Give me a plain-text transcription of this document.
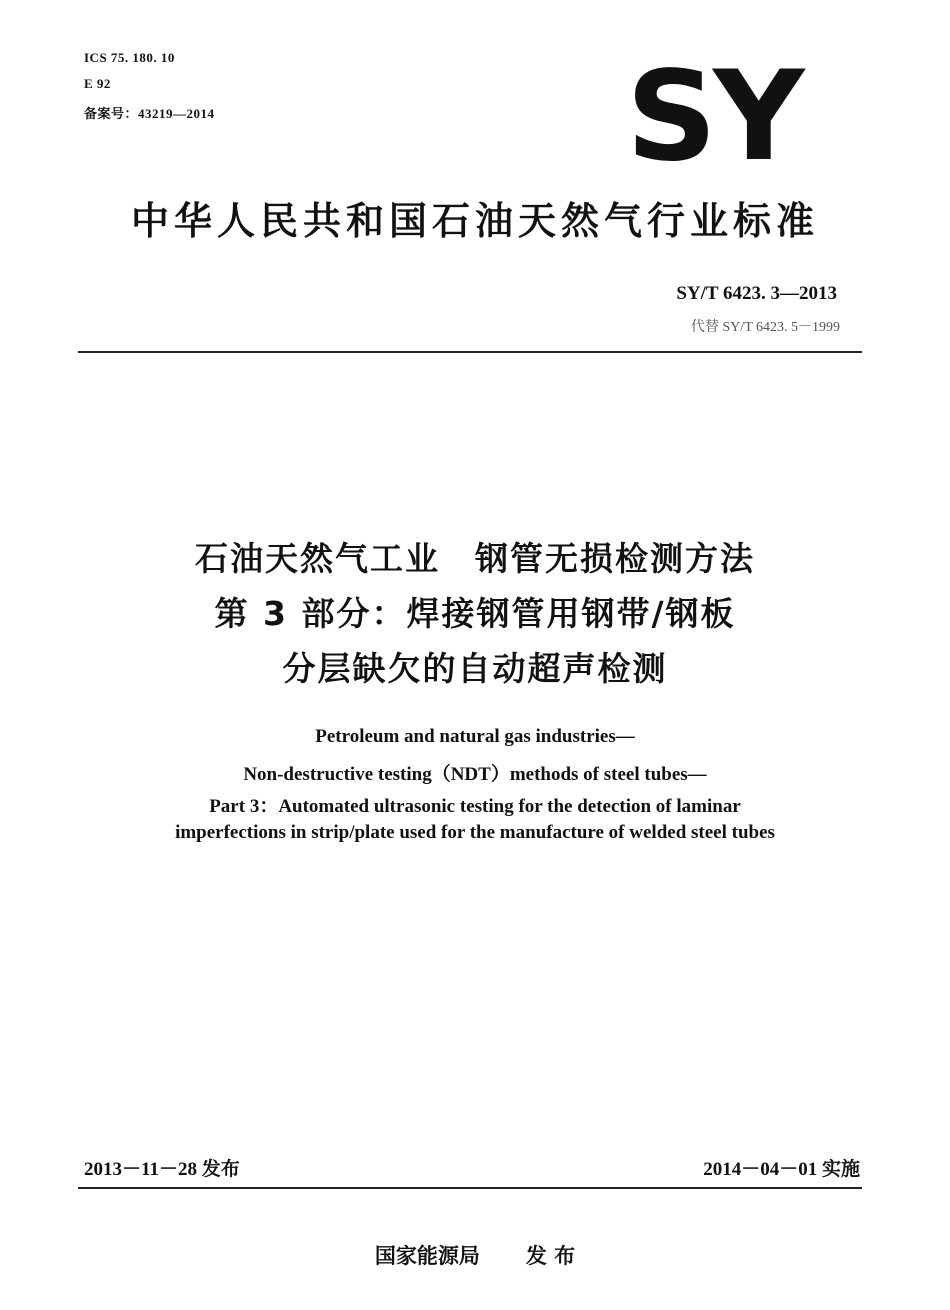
ICS 75. 180. 10
E 92
备案号：43219—2014	SY
中华人民共和国石油天然气行业标准
SY/T 6423. 3—2013
代替 SY/T 6423. 5－1999
石油天然气工业　钢管无损检测方法
第 3 部分：焊接钢管用钢带/钢板
分层缺欠的自动超声检测
Petroleum and natural gas industries—
Non-destructive testing（NDT）methods of steel tubes—
Part 3：Automated ultrasonic testing for the detection of laminar
imperfections in strip/plate used for the manufacture of welded steel tubes
2013－11－28 发布	2014－04－01 实施
国家能源局 发 布
